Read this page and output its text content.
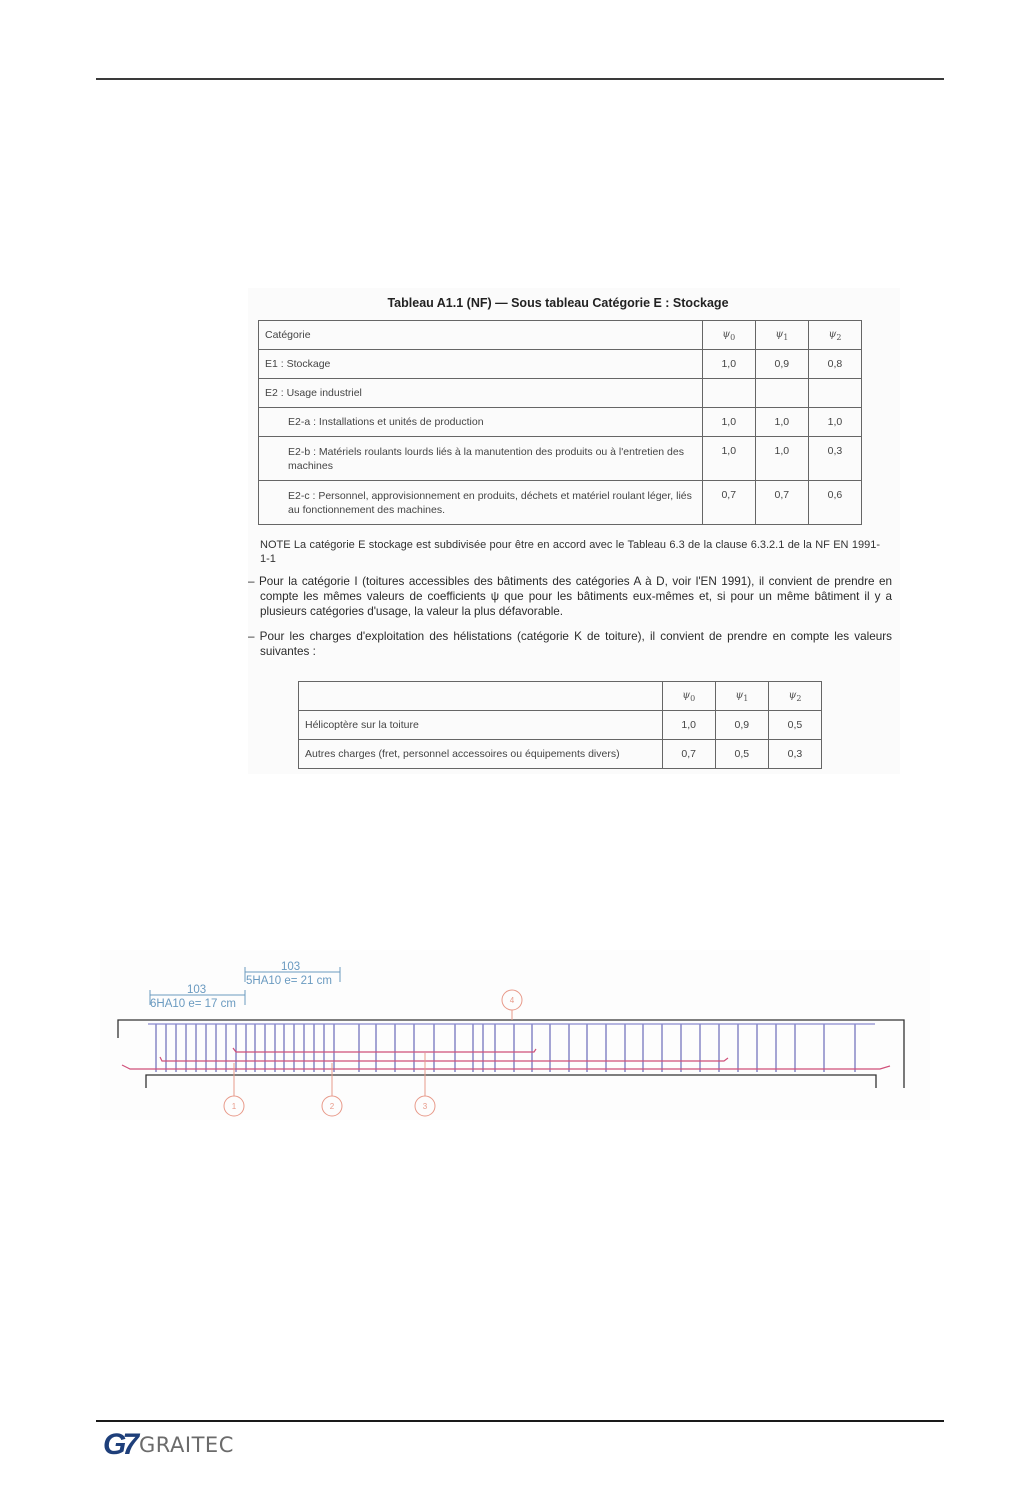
Tableau A1.1 (NF) — Sous tableau Catégorie E : Stockage
Catégorie	$\psi_0$	$\psi_1$	$\psi_2$
E1 : Stockage	1,0	0,9	0,8
E2 : Usage industriel			
E2-a : Installations et unités de production	1,0	1,0	1,0
E2-b : Matériels roulants lourds liés à la manutention des produits ou à l'entretien des machines	1,0	1,0	0,3
E2-c : Personnel, approvisionnement en produits, déchets et matériel roulant léger, liés au fonctionnement des machines.	0,7	0,7	0,6
NOTE La catégorie E stockage est subdivisée pour être en accord avec le Tableau 6.3 de la clause 6.3.2.1 de la NF EN 1991-1-1
– Pour la catégorie I (toitures accessibles des bâtiments des catégories A à D, voir l'EN 1991), il convient de prendre en compte les mêmes valeurs de coefficients ψ que pour les bâtiments eux-mêmes et, si pour un même bâtiment il y a plusieurs catégories d'usage, la valeur la plus défavorable.
– Pour les charges d'exploitation des hélistations (catégorie K de toiture), il convient de prendre en compte les valeurs suivantes :
	$\psi_0$	$\psi_1$	$\psi_2$
Hélicoptère sur la toiture	1,0	0,9	0,5
Autres charges (fret, personnel accessoires ou équipements divers)	0,7	0,5	0,3
103
6HA10 e= 17 cm
103
5HA10 e= 21 cm
1	2	3
4
G7 GRAITEC
